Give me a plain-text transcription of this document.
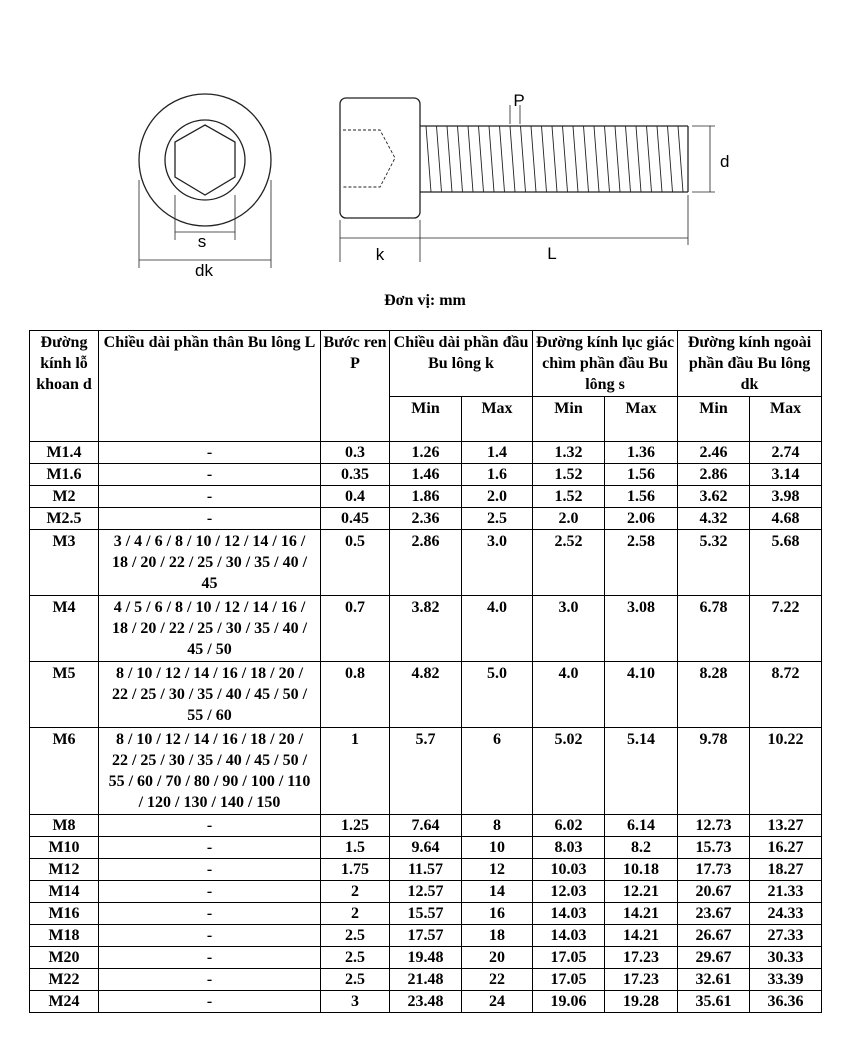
s
dk
P
d
k	L
Đơn vị: mm
Đường kính lỗ khoan d	Chiều dài phần thân Bu lông L	Bước ren P	Chiều dài phần đầu Bu lông k		Đường kính lục giác chìm phần đầu Bu lông s		Đường kính ngoài phần đầu Bu lông dk	
			Min	Max	Min	Max	Min	Max
M1.4	-	0.3	1.26	1.4	1.32	1.36	2.46	2.74
M1.6	-	0.35	1.46	1.6	1.52	1.56	2.86	3.14
M2	-	0.4	1.86	2.0	1.52	1.56	3.62	3.98
M2.5	-	0.45	2.36	2.5	2.0	2.06	4.32	4.68
M3	3 / 4 / 6 / 8 / 10 / 12 / 14 / 16 / 18 / 20 / 22 / 25 / 30 / 35 / 40 / 45	0.5	2.86	3.0	2.52	2.58	5.32	5.68
M4	4 / 5 / 6 / 8 / 10 / 12 / 14 / 16 / 18 / 20 / 22 / 25 / 30 / 35 / 40 / 45 / 50	0.7	3.82	4.0	3.0	3.08	6.78	7.22
M5	8 / 10 / 12 / 14 / 16 / 18 / 20 / 22 / 25 / 30 / 35 / 40 / 45 / 50 / 55 / 60	0.8	4.82	5.0	4.0	4.10	8.28	8.72
M6	8 / 10 / 12 / 14 / 16 / 18 / 20 / 22 / 25 / 30 / 35 / 40 / 45 / 50 / 55 / 60 / 70 / 80 / 90 / 100 / 110 / 120 / 130 / 140 / 150	1	5.7	6	5.02	5.14	9.78	10.22
M8	-	1.25	7.64	8	6.02	6.14	12.73	13.27
M10	-	1.5	9.64	10	8.03	8.2	15.73	16.27
M12	-	1.75	11.57	12	10.03	10.18	17.73	18.27
M14	-	2	12.57	14	12.03	12.21	20.67	21.33
M16	-	2	15.57	16	14.03	14.21	23.67	24.33
M18	-	2.5	17.57	18	14.03	14.21	26.67	27.33
M20	-	2.5	19.48	20	17.05	17.23	29.67	30.33
M22	-	2.5	21.48	22	17.05	17.23	32.61	33.39
M24	-	3	23.48	24	19.06	19.28	35.61	36.36
